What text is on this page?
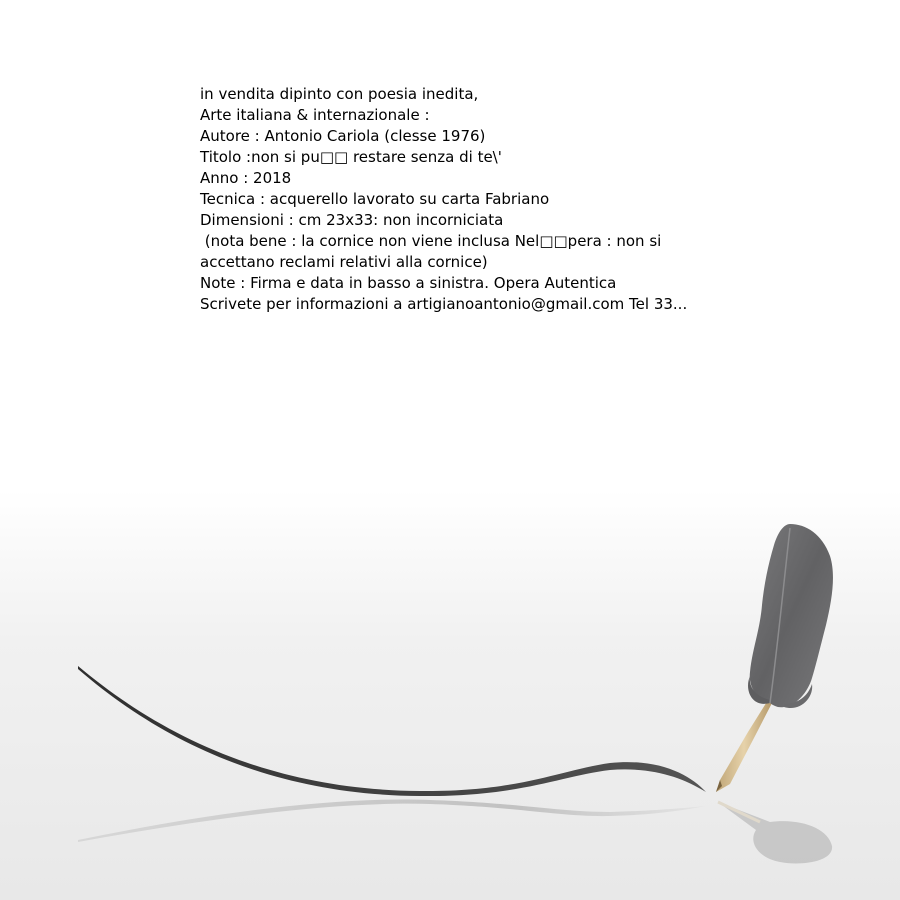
in vendita dipinto con poesia inedita,
Arte italiana & internazionale :
Autore : Antonio Cariola (clesse 1976)
Titolo :non si pu□□ restare senza di te\'
Anno : 2018
Tecnica : acquerello lavorato su carta Fabriano
Dimensioni : cm 23x33: non incorniciata
(nota bene : la cornice non viene inclusa Nel□□pera : non si accettano reclami relativi alla cornice)
Note : Firma e data in basso a sinistra. Opera Autentica
Scrivete per informazioni a artigianoantonio@gmail.com Tel 33...
